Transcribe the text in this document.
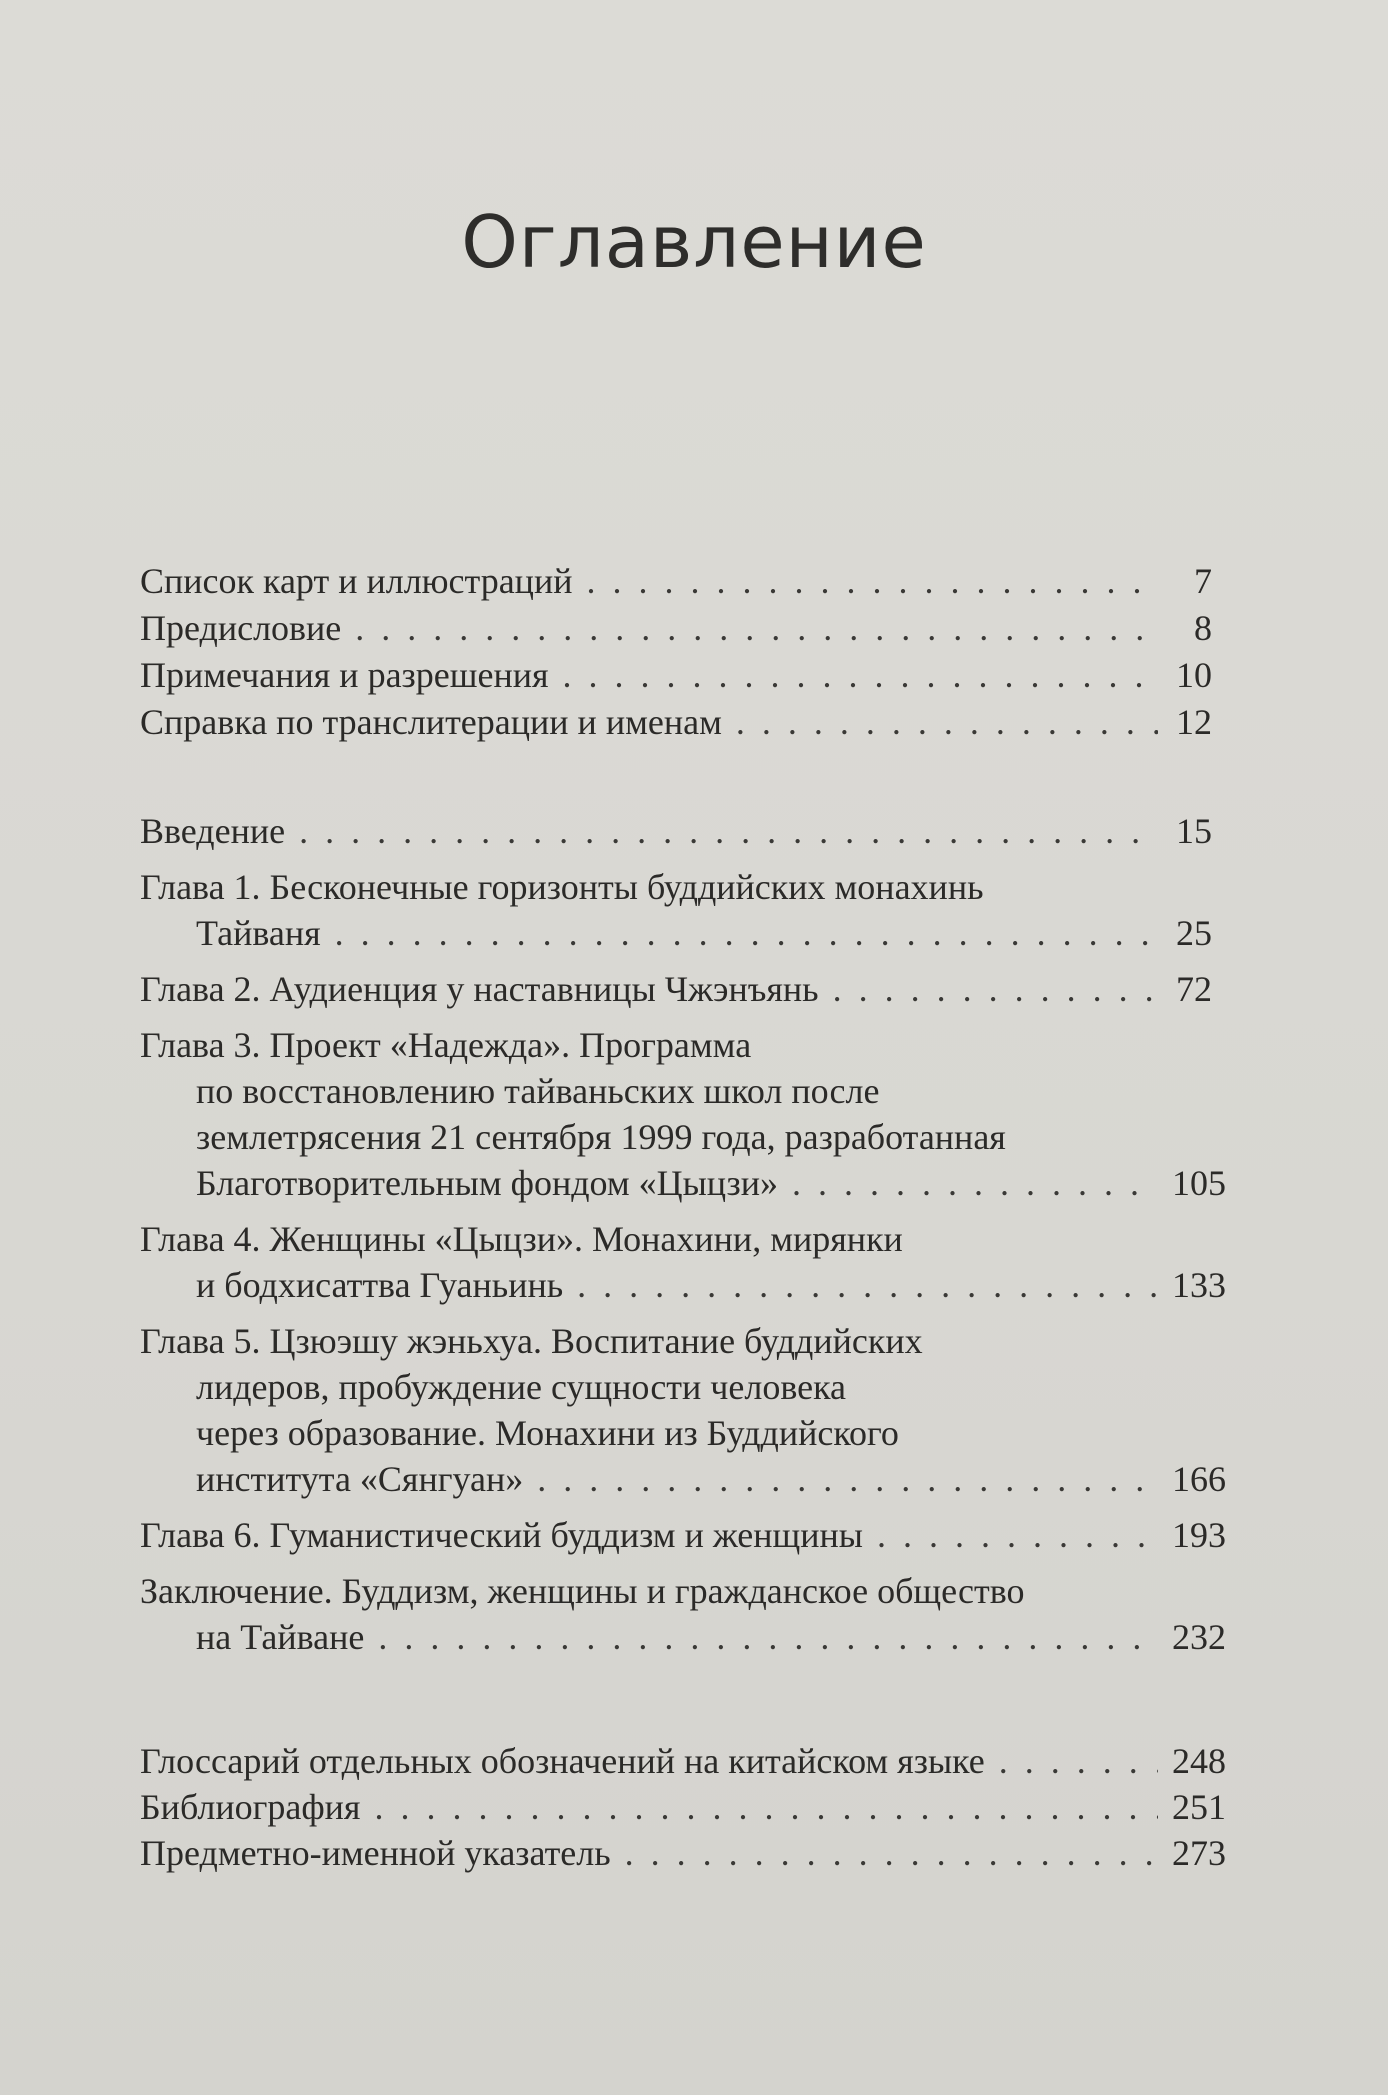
Оглавление
Список карт и иллюстраций . . .	7
Предисловие . . .	8
Примечания и разрешения . . .	10
Справка по транслитерации и именам . . .	12
Введение . . .	15
Глава 1. Бесконечные горизонты буддийских монахинь
Тайваня . . .	25
Глава 2. Аудиенция у наставницы Чжэнъянь . . .	72
Глава 3. Проект «Надежда». Программа
по восстановлению тайваньских школ после
землетрясения 21 сентября 1999 года, разработанная
Благотворительным фондом «Цыцзи» . . .	105
Глава 4. Женщины «Цыцзи». Монахини, мирянки
и бодхисаттва Гуаньинь . . .	133
Глава 5. Цзюэшу жэньхуа. Воспитание буддийских
лидеров, пробуждение сущности человека
через образование. Монахини из Буддийского
института «Сянгуан» . . .	166
Глава 6. Гуманистический буддизм и женщины . . .	193
Заключение. Буддизм, женщины и гражданское общество
на Тайване . . .	232
Глоссарий отдельных обозначений на китайском языке . . .	248
Библиография . . .	251
Предметно-именной указатель . . .	273
